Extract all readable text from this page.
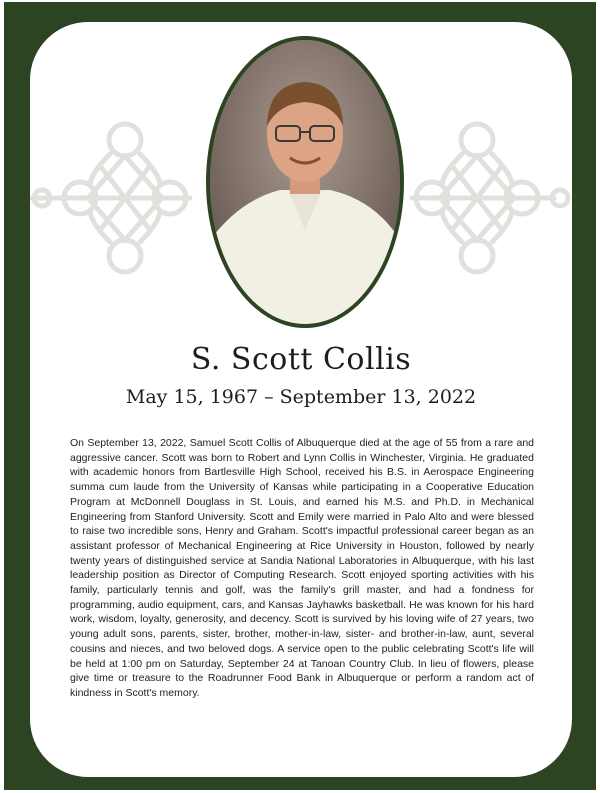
S. Scott Collis
May 15, 1967 – September 13, 2022

On September 13, 2022, Samuel Scott Collis of Albuquerque died at the age of 55 from a rare and aggressive cancer. Scott was born to Robert and Lynn Collis in Winchester, Virginia. He graduated with academic honors from Bartlesville High School, received his B.S. in Aerospace Engineering summa cum laude from the University of Kansas while participating in a Cooperative Education Program at McDonnell Douglass in St. Louis, and earned his M.S. and Ph.D. in Mechanical Engineering from Stanford University. Scott and Emily were married in Palo Alto and were blessed to raise two incredible sons, Henry and Graham. Scott's impactful professional career began as an assistant professor of Mechanical Engineering at Rice University in Houston, followed by nearly twenty years of distinguished service at Sandia National Laboratories in Albuquerque, with his last leadership position as Director of Computing Research. Scott enjoyed sporting activities with his family, particularly tennis and golf, was the family's grill master, and had a fondness for programming, audio equipment, cars, and Kansas Jayhawks basketball. He was known for his hard work, wisdom, loyalty, generosity, and decency. Scott is survived by his loving wife of 27 years, two young adult sons, parents, sister, brother, mother-in-law, sister- and brother-in-law, aunt, several cousins and nieces, and two beloved dogs. A service open to the public celebrating Scott's life will be held at 1:00 pm on Saturday, September 24 at Tanoan Country Club. In lieu of flowers, please give time or treasure to the Roadrunner Food Bank in Albuquerque or perform a random act of kindness in Scott's memory.
